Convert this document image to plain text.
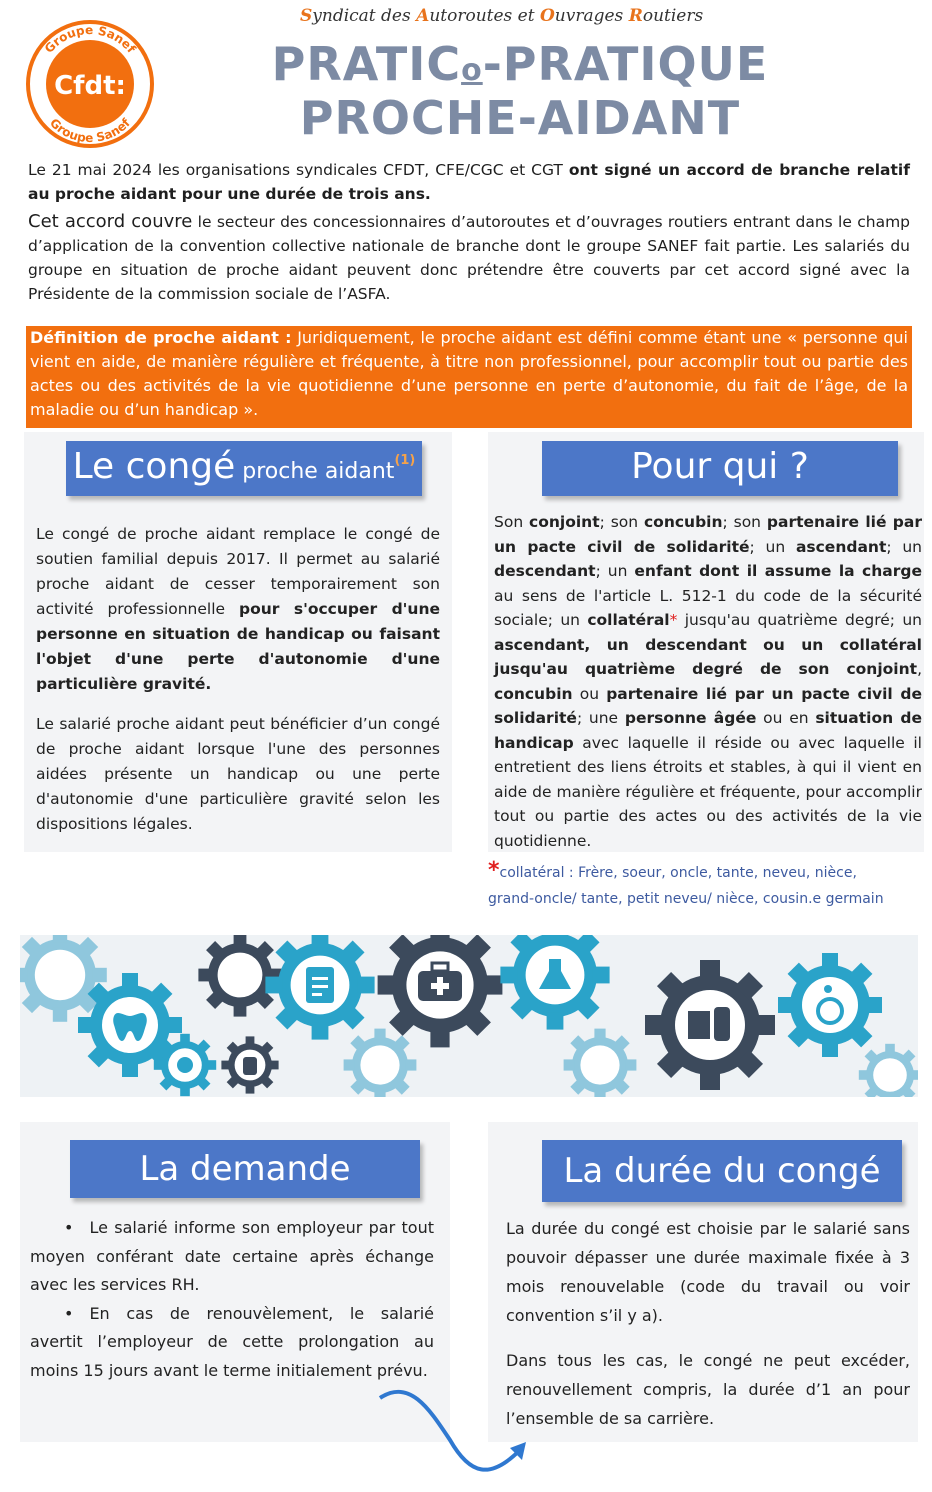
Groupe Sanef
Groupe Sanef
Cfdt:
Syndicat des Autoroutes et Ouvrages Routiers
PRATICo-PRATIQUE
PROCHE-AIDANT
Le 21 mai 2024 les organisations syndicales CFDT, CFE/CGC et CGT ont signé un accord de branche relatif au proche aidant pour une durée de trois ans.
Cet accord couvre le secteur des concessionnaires d’autoroutes et d’ouvrages routiers entrant dans le champ d’application de la convention collective nationale de branche dont le groupe SANEF fait partie. Les salariés du groupe en situation de proche aidant peuvent donc prétendre être couverts par cet accord signé avec la Présidente de la commission sociale de l’ASFA.
Définition de proche aidant : Juridiquement, le proche aidant est défini comme étant une « personne qui vient en aide, de manière régulière et fréquente, à titre non professionnel, pour accomplir tout ou partie des actes ou des activités de la vie quotidienne d’une personne en perte d’autonomie, du fait de l’âge, de la maladie ou d’un handicap ».
Le congé proche aidant$^{(1)}$	Pour qui ?
Le congé de proche aidant remplace le congé de soutien familial depuis 2017. Il permet au salarié proche aidant de cesser temporairement son activité professionnelle pour s'occuper d'une personne en situation de handicap ou faisant l'objet d'une perte d'autonomie d'une particulière gravité.
Le salarié proche aidant peut bénéficier d’un congé de proche aidant lorsque l'une des personnes aidées présente un handicap ou une perte d'autonomie d'une particulière gravité selon les dispositions légales.
Son conjoint; son concubin; son partenaire lié par un pacte civil de solidarité; un ascendant; un descendant; un enfant dont il assume la charge au sens de l'article L. 512-1 du code de la sécurité sociale; un collatéral* jusqu'au quatrième degré; un ascendant, un descendant ou un collatéral jusqu'au quatrième degré de son conjoint, concubin ou partenaire lié par un pacte civil de solidarité; une personne âgée ou en situation de handicap avec laquelle il réside ou avec laquelle il entretient des liens étroits et stables, à qui il vient en aide de manière régulière et fréquente, pour accomplir tout ou partie des actes ou des activités de la vie quotidienne.
*collatéral : Frère, soeur, oncle, tante, neveu, nièce,
grand-oncle/ tante, petit neveu/ nièce, cousin.e germain
La demande	La durée du congé
• Le salarié informe son employeur par tout moyen conférant date certaine après échange avec les services RH.
• En cas de renouvèlement, le salarié avertit l’employeur de cette prolongation au moins 15 jours avant le terme initialement prévu.
La durée du congé est choisie par le salarié sans pouvoir dépasser une durée maximale fixée à 3 mois renouvelable (code du travail ou voir convention s’il y a).
Dans tous les cas, le congé ne peut excéder, renouvellement compris, la durée d’1 an pour l’ensemble de sa carrière.
